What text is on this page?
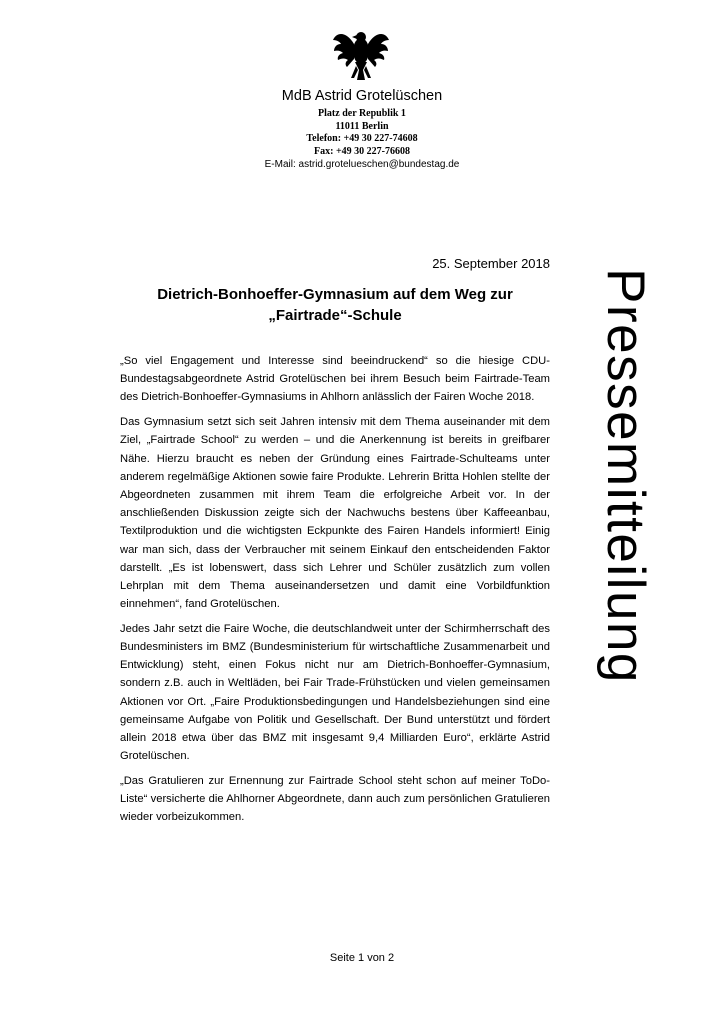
MdB Astrid Grotelüschen
Platz der Republik 1
11011 Berlin
Telefon: +49 30 227-74608
Fax: +49 30 227-76608
E-Mail: astrid.grotelueschen@bundestag.de
Pressemitteilung
25. September 2018
Dietrich-Bonhoeffer-Gymnasium auf dem Weg zur
„Fairtrade“-Schule

„So viel Engagement und Interesse sind beeindruckend“ so die hiesige CDU-Bundestagsabgeordnete Astrid Grotelüschen bei ihrem Besuch beim Fairtrade-Team des Dietrich-Bonhoeffer-Gymnasiums in Ahlhorn anlässlich der Fairen Woche 2018.

Das Gymnasium setzt sich seit Jahren intensiv mit dem Thema auseinander mit dem Ziel, „Fairtrade School“ zu werden – und die Anerkennung ist bereits in greifbarer Nähe. Hierzu braucht es neben der Gründung eines Fairtrade-Schulteams unter anderem regelmäßige Aktionen sowie faire Produkte. Lehrerin Britta Hohlen stellte der Abgeordneten zusammen mit ihrem Team die erfolgreiche Arbeit vor. In der anschließenden Diskussion zeigte sich der Nachwuchs bestens über Kaffeeanbau, Textilproduktion und die wichtigsten Eckpunkte des Fairen Handels informiert! Einig war man sich, dass der Verbraucher mit seinem Einkauf den entscheidenden Faktor darstellt. „Es ist lobenswert, dass sich Lehrer und Schüler zusätzlich zum vollen Lehrplan mit dem Thema auseinandersetzen und damit eine Vorbildfunktion einnehmen“, fand Grotelüschen.

Jedes Jahr setzt die Faire Woche, die deutschlandweit unter der Schirmherrschaft des Bundesministers im BMZ (Bundesministerium für wirtschaftliche Zusammenarbeit und Entwicklung) steht, einen Fokus nicht nur am Dietrich-Bonhoeffer-Gymnasium, sondern z.B. auch in Weltläden, bei Fair Trade-Frühstücken und vielen gemeinsamen Aktionen vor Ort. „Faire Produktionsbedingungen und Handelsbeziehungen sind eine gemeinsame Aufgabe von Politik und Gesellschaft. Der Bund unterstützt und fördert allein 2018 etwa über das BMZ mit insgesamt 9,4 Milliarden Euro“, erklärte Astrid Grotelüschen.

„Das Gratulieren zur Ernennung zur Fairtrade School steht schon auf meiner ToDo-Liste“ versicherte die Ahlhorner Abgeordnete, dann auch zum persönlichen Gratulieren wieder vorbeizukommen.

Seite 1 von 2
